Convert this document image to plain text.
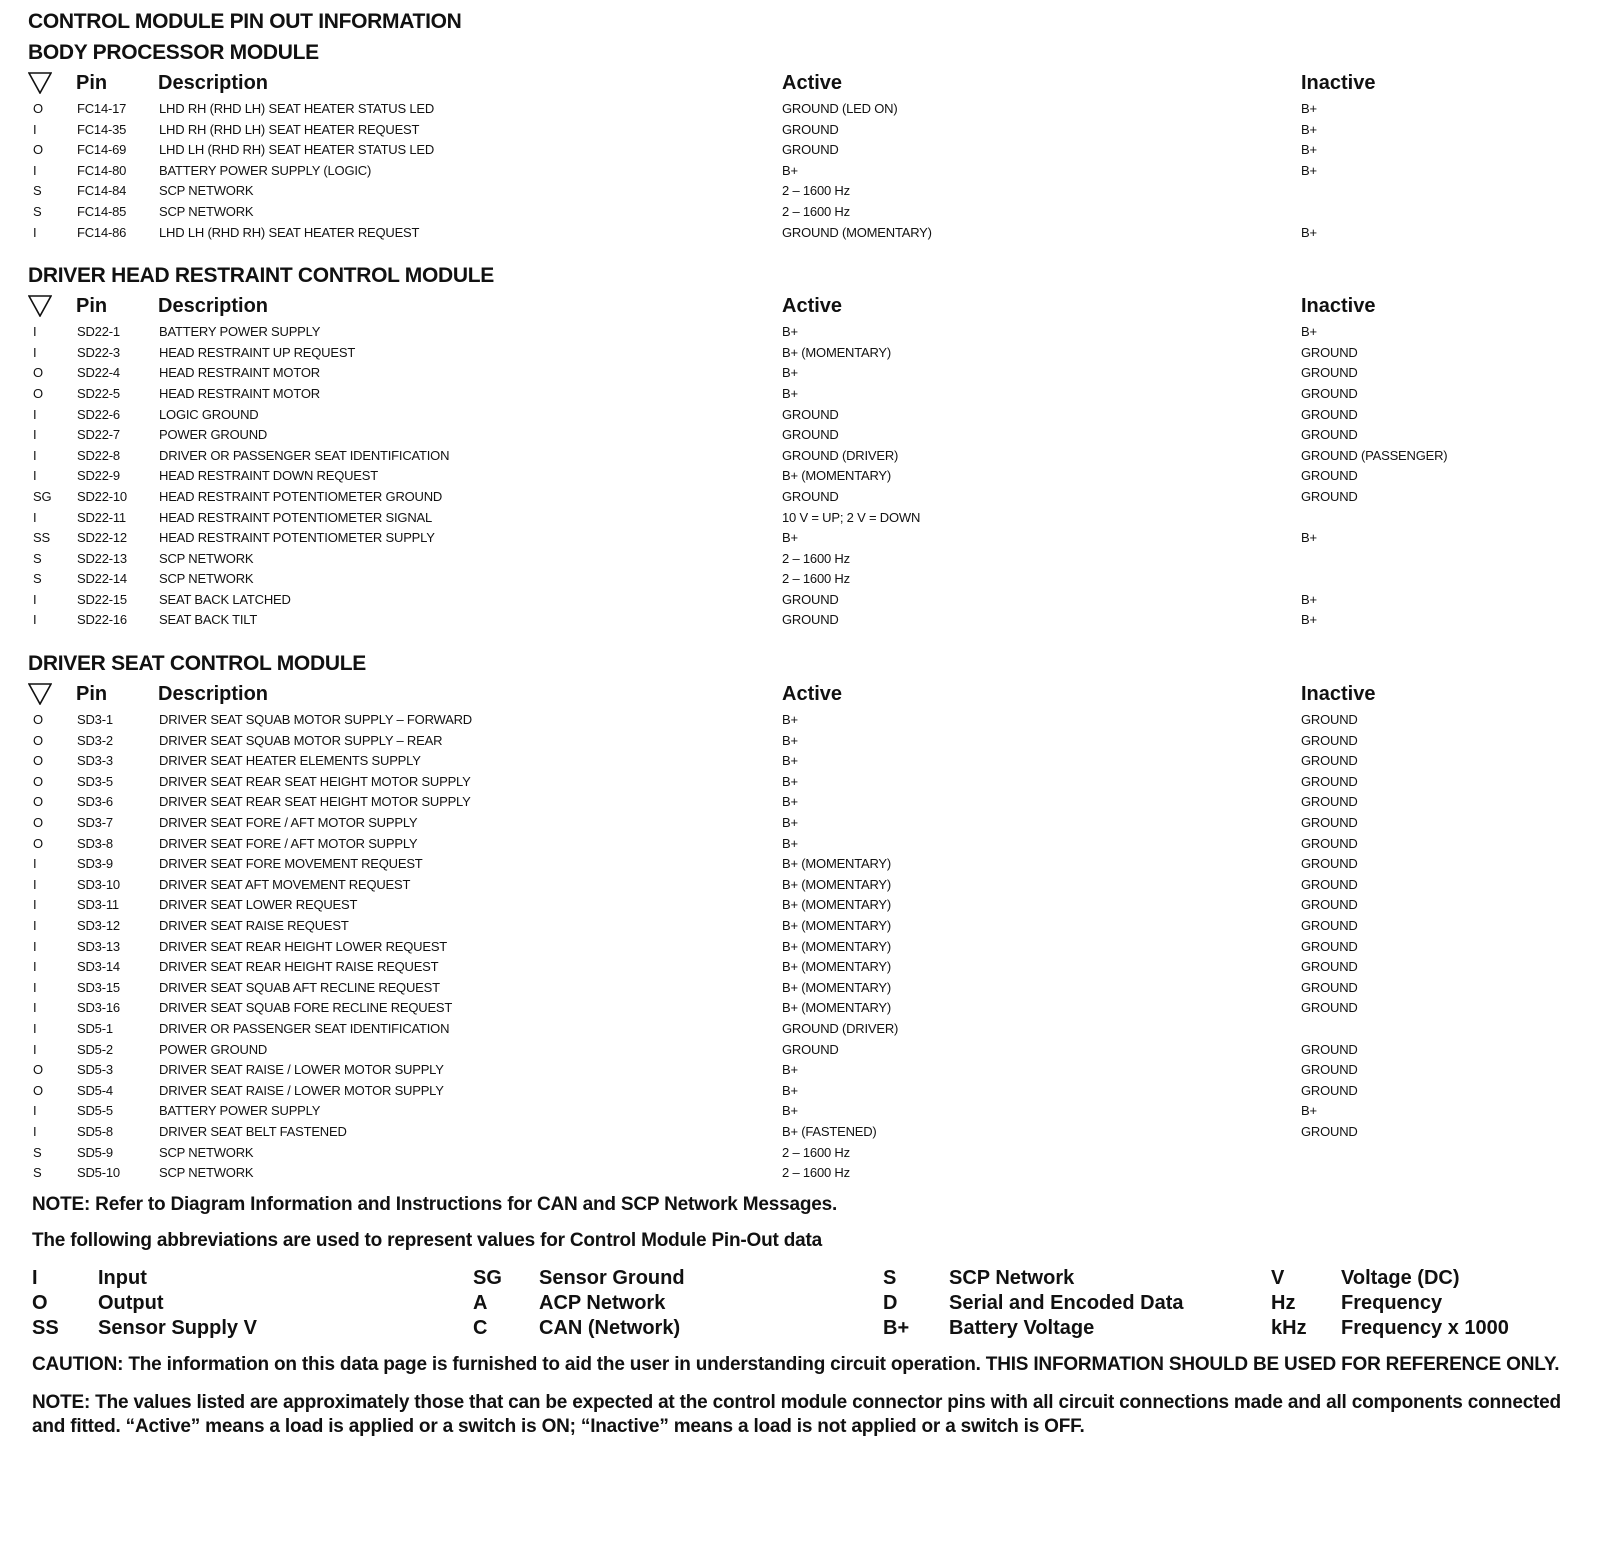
CONTROL MODULE PIN OUT INFORMATION
BODY PROCESSOR MODULE
Pin	Description	Active	Inactive
O	FC14-17	LHD RH (RHD LH) SEAT HEATER STATUS LED	GROUND (LED ON)	B+
I	FC14-35	LHD RH (RHD LH) SEAT HEATER REQUEST	GROUND	B+
O	FC14-69	LHD LH (RHD RH) SEAT HEATER STATUS LED	GROUND	B+
I	FC14-80	BATTERY POWER SUPPLY (LOGIC)	B+	B+
S	FC14-84	SCP NETWORK	2 – 1600 Hz
S	FC14-85	SCP NETWORK	2 – 1600 Hz
I	FC14-86	LHD LH (RHD RH) SEAT HEATER REQUEST	GROUND (MOMENTARY)	B+
DRIVER HEAD RESTRAINT CONTROL MODULE
Pin	Description	Active	Inactive
I	SD22-1	BATTERY POWER SUPPLY	B+	B+
I	SD22-3	HEAD RESTRAINT UP REQUEST	B+ (MOMENTARY)	GROUND
O	SD22-4	HEAD RESTRAINT MOTOR	B+	GROUND
O	SD22-5	HEAD RESTRAINT MOTOR	B+	GROUND
I	SD22-6	LOGIC GROUND	GROUND	GROUND
I	SD22-7	POWER GROUND	GROUND	GROUND
I	SD22-8	DRIVER OR PASSENGER SEAT IDENTIFICATION	GROUND (DRIVER)	GROUND (PASSENGER)
I	SD22-9	HEAD RESTRAINT DOWN REQUEST	B+ (MOMENTARY)	GROUND
SG SD22-10 HEAD RESTRAINT POTENTIOMETER GROUND	GROUND	GROUND
I	SD22-11	HEAD RESTRAINT POTENTIOMETER SIGNAL	10 V = UP; 2 V = DOWN
SS SD22-12 HEAD RESTRAINT POTENTIOMETER SUPPLY	B+	B+
S	SD22-13 SCP NETWORK	2 – 1600 Hz
S	SD22-14 SCP NETWORK	2 – 1600 Hz
I	SD22-15 SEAT BACK LATCHED	GROUND	B+
I	SD22-16 SEAT BACK TILT	GROUND	B+
DRIVER SEAT CONTROL MODULE
Pin	Description	Active	Inactive
O	SD3-1	DRIVER SEAT SQUAB MOTOR SUPPLY – FORWARD	B+	GROUND
O	SD3-2	DRIVER SEAT SQUAB MOTOR SUPPLY – REAR	B+	GROUND
O	SD3-3	DRIVER SEAT HEATER ELEMENTS SUPPLY	B+	GROUND
O	SD3-5	DRIVER SEAT REAR SEAT HEIGHT MOTOR SUPPLY	B+	GROUND
O	SD3-6	DRIVER SEAT REAR SEAT HEIGHT MOTOR SUPPLY	B+	GROUND
O	SD3-7	DRIVER SEAT FORE / AFT MOTOR SUPPLY	B+	GROUND
O	SD3-8	DRIVER SEAT FORE / AFT MOTOR SUPPLY	B+	GROUND
I	SD3-9	DRIVER SEAT FORE MOVEMENT REQUEST	B+ (MOMENTARY)	GROUND
I	SD3-10	DRIVER SEAT AFT MOVEMENT REQUEST	B+ (MOMENTARY)	GROUND
I	SD3-11	DRIVER SEAT LOWER REQUEST	B+ (MOMENTARY)	GROUND
I	SD3-12	DRIVER SEAT RAISE REQUEST	B+ (MOMENTARY)	GROUND
I	SD3-13	DRIVER SEAT REAR HEIGHT LOWER REQUEST	B+ (MOMENTARY)	GROUND
I	SD3-14	DRIVER SEAT REAR HEIGHT RAISE REQUEST	B+ (MOMENTARY)	GROUND
I	SD3-15	DRIVER SEAT SQUAB AFT RECLINE REQUEST	B+ (MOMENTARY)	GROUND
I	SD3-16	DRIVER SEAT SQUAB FORE RECLINE REQUEST	B+ (MOMENTARY)	GROUND
I	SD5-1	DRIVER OR PASSENGER SEAT IDENTIFICATION	GROUND (DRIVER)
I	SD5-2	POWER GROUND	GROUND	GROUND
O	SD5-3	DRIVER SEAT RAISE / LOWER MOTOR SUPPLY	B+	GROUND
O	SD5-4	DRIVER SEAT RAISE / LOWER MOTOR SUPPLY	B+	GROUND
I	SD5-5	BATTERY POWER SUPPLY	B+	B+
I	SD5-8	DRIVER SEAT BELT FASTENED	B+ (FASTENED)	GROUND
S	SD5-9	SCP NETWORK	2 – 1600 Hz
S	SD5-10	SCP NETWORK	2 – 1600 Hz
NOTE: Refer to Diagram Information and Instructions for CAN and SCP Network Messages.
The following abbreviations are used to represent values for Control Module Pin-Out data
I	Input
O	Output
SS Sensor Supply V
SG Sensor Ground
A	ACP Network
C	CAN (Network)
S	SCP Network
D	Serial and Encoded Data
B+ Battery Voltage
V	Voltage (DC)
Hz Frequency
kHz Frequency x 1000
CAUTION: The information on this data page is furnished to aid the user in understanding circuit operation. THIS INFORMATION SHOULD BE USED FOR REFERENCE ONLY.
NOTE: The values listed are approximately those that can be expected at the control module connector pins with all circuit connections made and all components connected and fitted. “Active” means a load is applied or a switch is ON; “Inactive” means a load is not applied or a switch is OFF.
